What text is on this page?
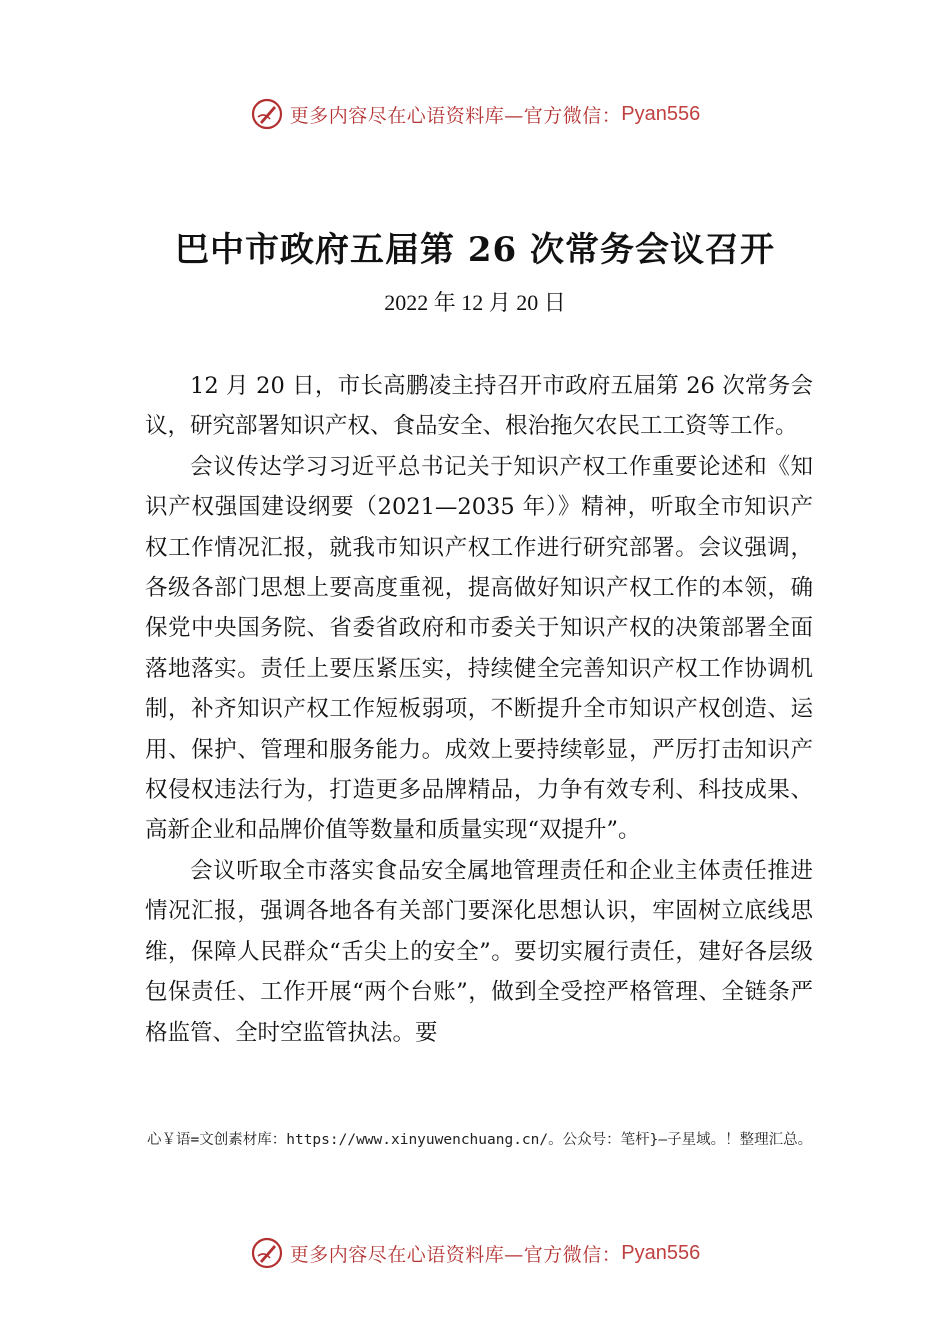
更多内容尽在心语资料库—官方微信： Pyan556
巴中市政府五届第 26 次常务会议召开
2022 年 12 月 20 日

12 月 20 日，市长高鹏凌主持召开市政府五届第 26 次常务会议，研究部署知识产权、食品安全、根治拖欠农民工工资等工作。

会议传达学习习近平总书记关于知识产权工作重要论述和《知识产权强国建设纲要（2021—2035 年）》精神，听取全市知识产权工作情况汇报，就我市知识产权工作进行研究部署。会议强调，各级各部门思想上要高度重视，提高做好知识产权工作的本领，确保党中央国务院、省委省政府和市委关于知识产权的决策部署全面落地落实。责任上要压紧压实，持续健全完善知识产权工作协调机制，补齐知识产权工作短板弱项，不断提升全市知识产权创造、运用、保护、管理和服务能力。成效上要持续彰显，严厉打击知识产权侵权违法行为，打造更多品牌精品，力争有效专利、科技成果、高新企业和品牌价值等数量和质量实现“双提升”。

会议听取全市落实食品安全属地管理责任和企业主体责任推进情况汇报，强调各地各有关部门要深化思想认识，牢固树立底线思维，保障人民群众“舌尖上的安全”。要切实履行责任，建好各层级包保责任、工作开展“两个台账”，做到全受控严格管理、全链条严格监管、全时空监管执法。要

心￥语=文创素材库：https://www.xinyuwenchuang.cn/。公众号：笔杆}—子星域。！整理汇总。
更多内容尽在心语资料库—官方微信： Pyan556
